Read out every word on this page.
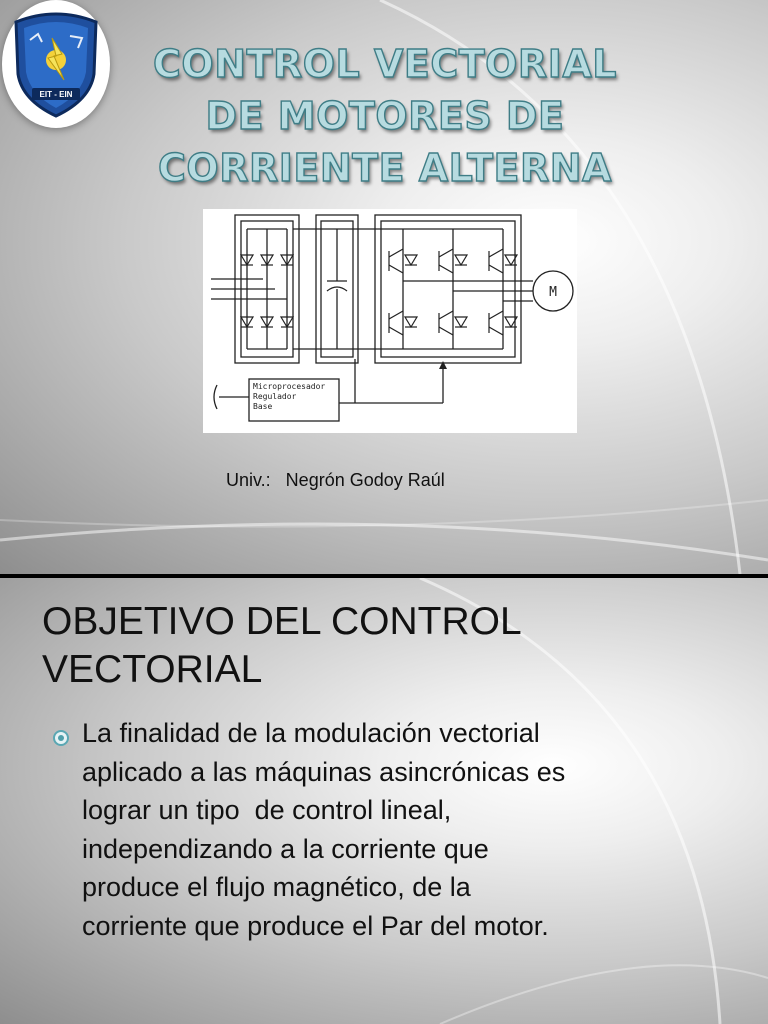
EIT - EIN
CONTROL VECTORIAL
DE MOTORES DE
CORRIENTE ALTERNA
M
Microprocesador
Regulador
Base
Univ.:   Negrón Godoy Raúl
OBJETIVO DEL CONTROL
VECTORIAL
La finalidad de la modulación vectorial
aplicado a las máquinas asincrónicas es
lograr un tipo  de control lineal,
independizando a la corriente que
produce el flujo magnético, de la
corriente que produce el Par del motor.
